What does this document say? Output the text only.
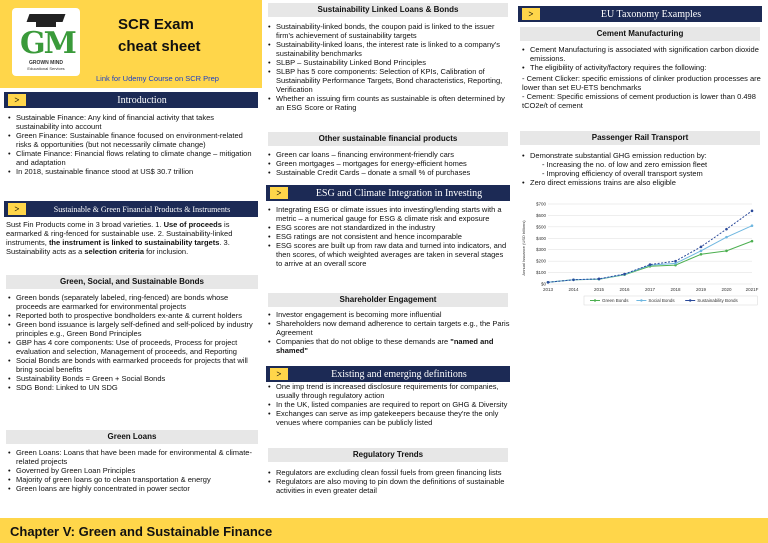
GM
GROWN MIND
Educational Services
SCR Exam
cheat sheet
Link for Udemy Course on SCR Prep
>	Introduction
• Sustainable Finance: Any kind of financial activity that takes sustainability into account
• Green Finance: Sustainable finance focused on environment-related risks & opportunities (but not necessarily climate change)
• Climate Finance: Financial flows relating to climate change – mitigation and adaptation
• In 2018, sustainable finance stood at US$ 30.7 trillion
>	Sustainable & Green Financial Products & Instruments
Sust Fin Products come in 3 broad varieties. 1. Use of proceeds is earmarked & ring-fenced for sustainable use. 2. Sustainability-linked instruments, the instrument is linked to sustainability targets. 3. Sustainability acts as a selection criteria for inclusion.
Green, Social, and Sustainable Bonds
• Green bonds (separately labeled, ring-fenced) are bonds whose proceeds are earmarked for environmental projects
• Reported both to prospective bondholders ex-ante & current holders
• Green bond issuance is largely self-defined and self-policed by industry principles e.g., Green Bond Principles
• GBP has 4 core components: Use of proceeds, Process for project evaluation and selection, Management of proceeds, and Reporting
• Social Bonds are bonds with earmarked proceeds for projects that will bring social benefits
• Sustainability Bonds = Green + Social Bonds
• SDG Bond: Linked to UN SDG
Green Loans
• Green Loans: Loans that have been made for environmental & climate-related projects
• Governed by Green Loan Principles
• Majority of green loans go to clean transportation & energy
• Green loans are highly concentrated in power sector
Sustainability Linked Loans & Bonds
• Sustainability-linked bonds, the coupon paid is linked to the issuer firm's achievement of sustainability targets
• Sustainability-linked loans, the interest rate is linked to a company's sustainability benchmarks
• SLBP – Sustainability Linked Bond Principles
• SLBP has 5 core components: Selection of KPIs, Calibration of Sustainability Performance Targets, Bond characteristics, Reporting, Verification
• Whether an issuing firm counts as sustainable is often determined by an ESG Score or Rating
Other sustainable financial products
• Green car loans – financing environment-friendly cars
• Green mortgages – mortgages for energy-efficient homes
• Sustainable Credit Cards – donate a small % of purchases
>	ESG and Climate Integration in Investing
• Integrating ESG or climate issues into investing/lending starts with a metric – a numerical gauge for ESG & climate risk and exposure
• ESG scores are not standardized in the industry
• ESG ratings are not consistent and hence incomparable
• ESG scores are built up from raw data and turned into indicators, and then scores, of which weighted averages are taken in several stages to arrive at an overall score
Shareholder Engagement
• Investor engagement is becoming more influential
• Shareholders now demand adherence to certain targets e.g., the Paris Agreement
• Companies that do not oblige to these demands are "named and shamed"
>	Existing and emerging definitions
• One imp trend is increased disclosure requirements for companies, usually through regulatory action
• In the UK, listed companies are required to report on GHG & Diversity
• Exchanges can serve as imp gatekeepers because they're the only venues where companies can be publicly listed
Regulatory Trends
• Regulators are excluding clean fossil fuels from green financing lists
• Regulators are also moving to pin down the definitions of sustainable activities in even greater detail
>	EU Taxonomy Examples
Cement Manufacturing
• Cement Manufacturing is associated with signification carbon dioxide emissions.
• The eligibility of activity/factory requires the following:
- Cement Clicker: specific emissions of clinker production processes are lower than set EU-ETS benchmarks
- Cement: Specific emissions of cement production is lower than 0.498 tCO2e/t of cement
Passenger Rail Transport
• Demonstrate substantial GHG emission reduction by:
- Increasing the no. of low and zero emission fleet
- Improving efficiency of overall transport system
• Zero direct emissions trains are also eligible
Annual Issuance (USD billions)
$0
$100
$200
$300
$400
$500
$600
$700
2013	2014	2015	2016	2017	2018	2019	2020	2021F
Green Bonds	Social Bonds	Sustainability Bonds
Chapter V: Green and Sustainable Finance
